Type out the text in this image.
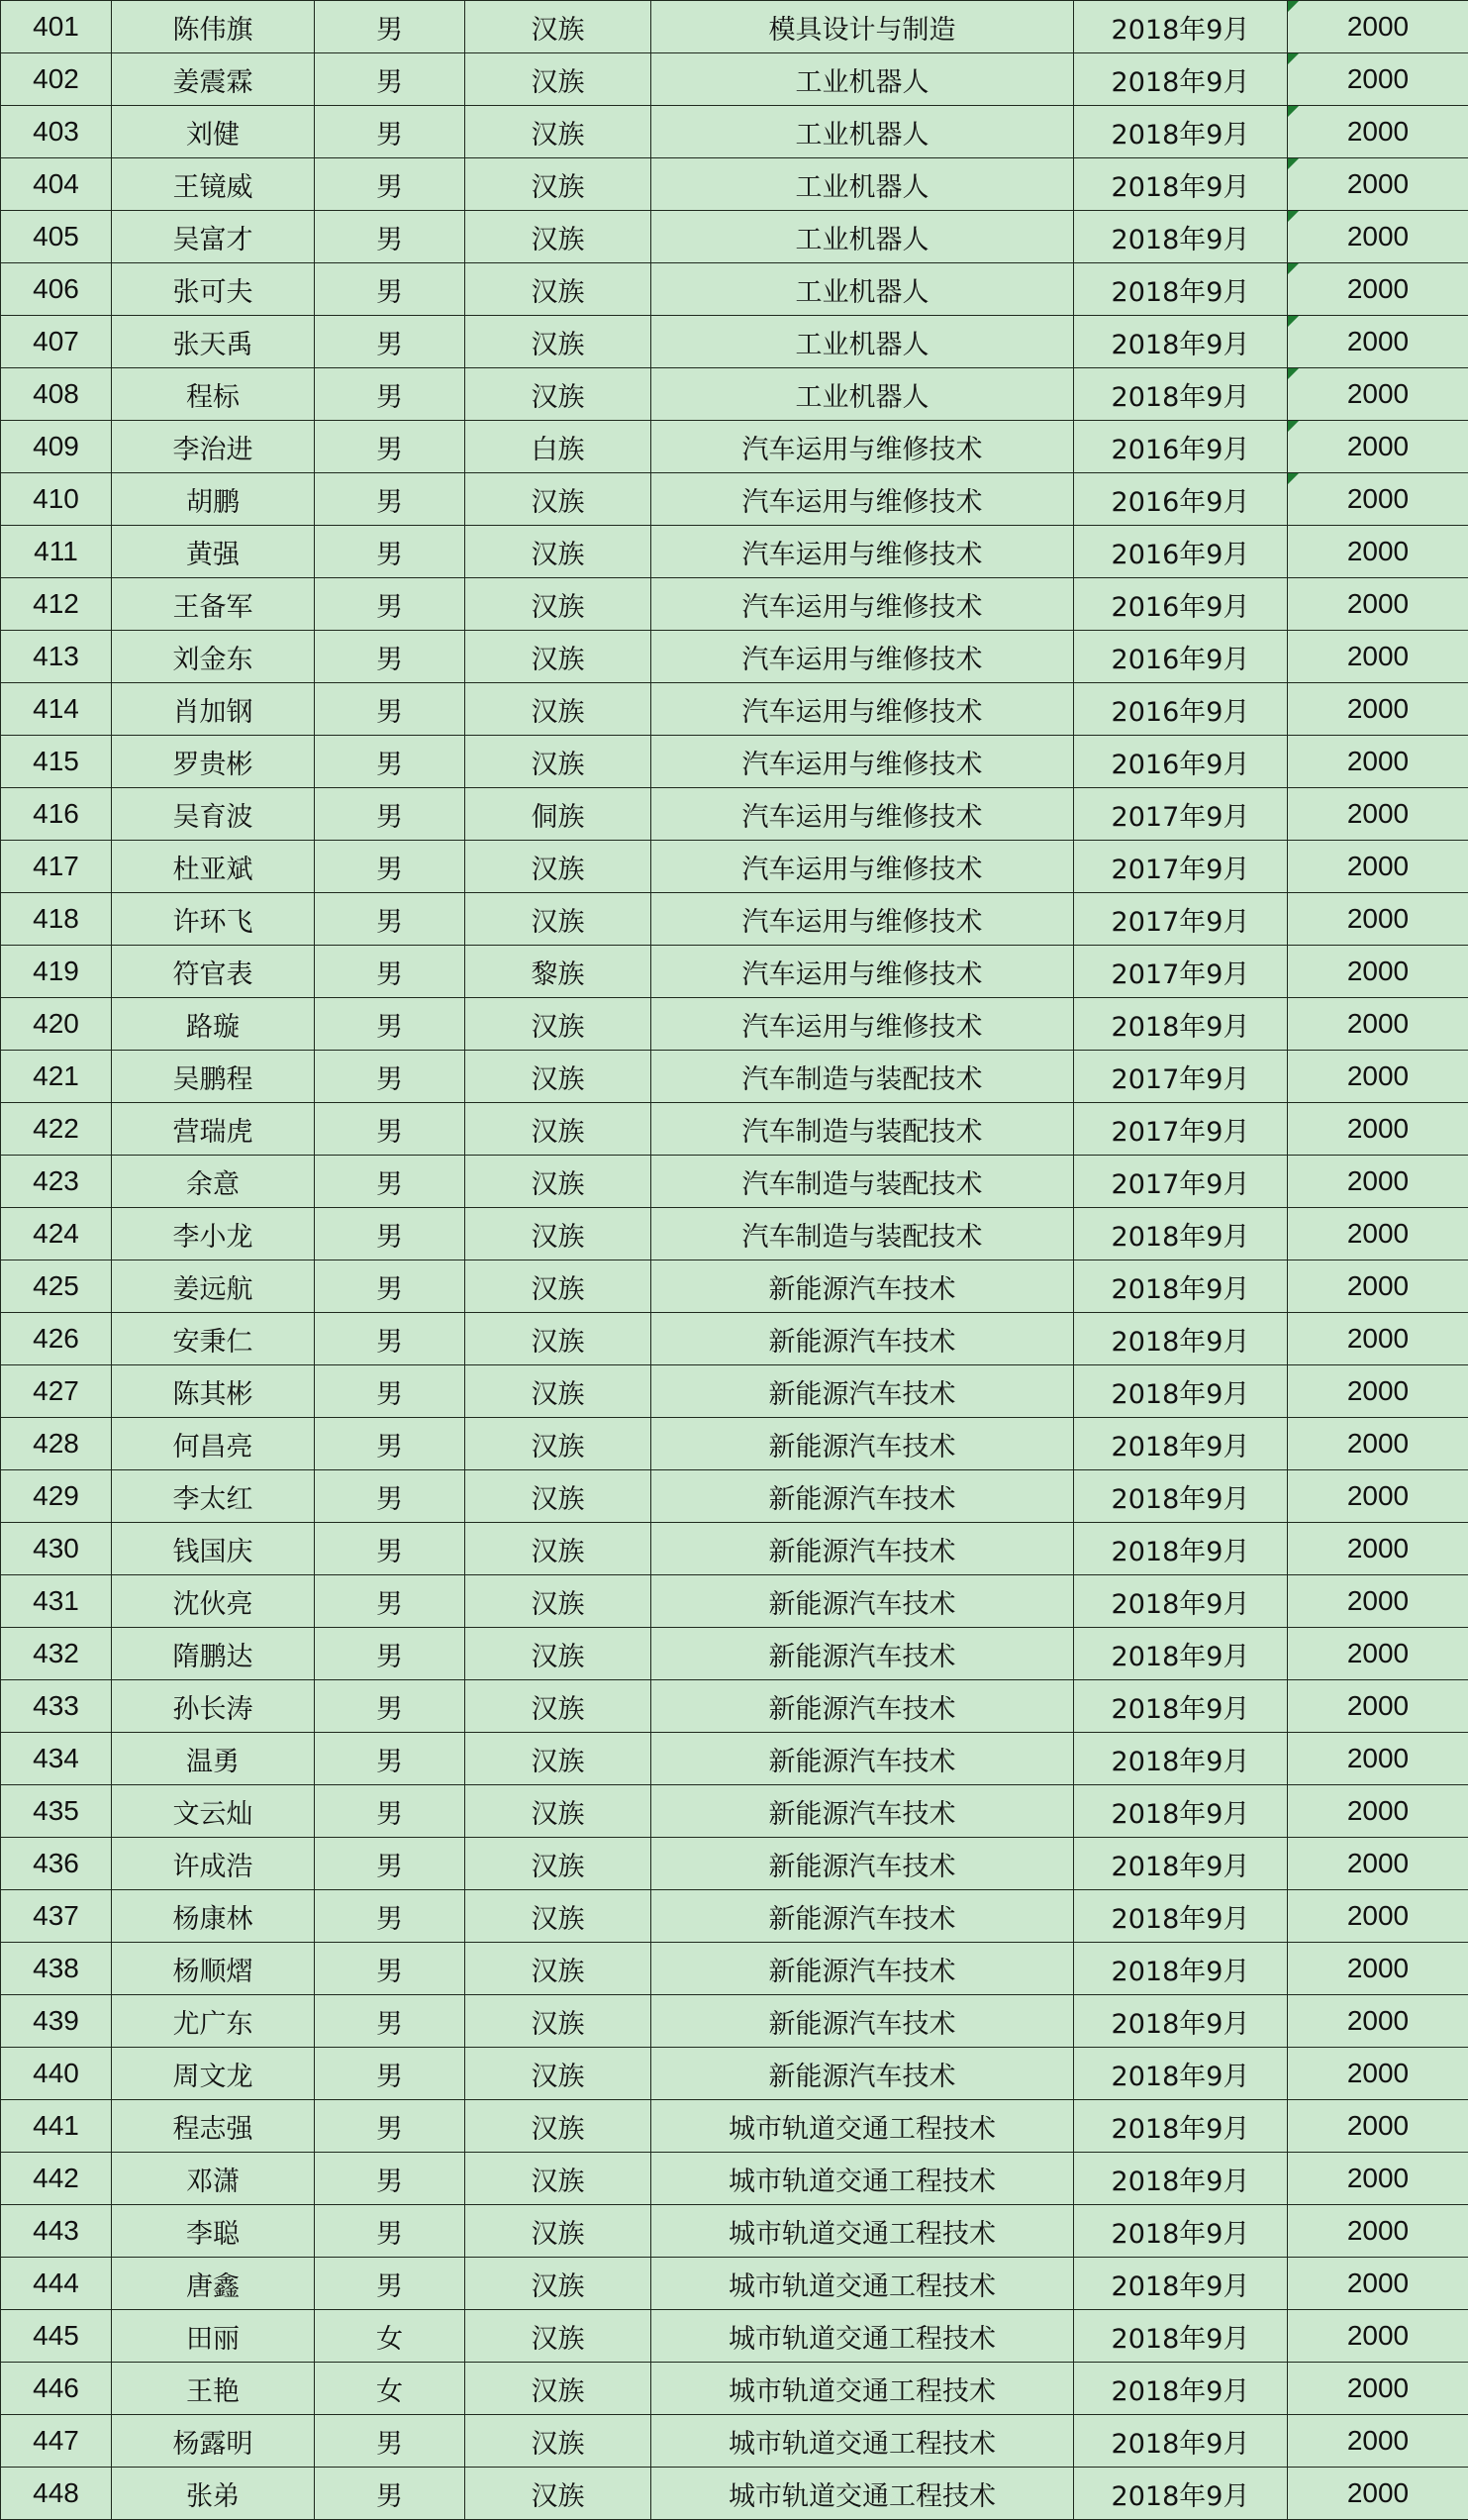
401	陈伟旗	男	汉族	模具设计与制造	2018年9月	2000
402	姜震霖	男	汉族	工业机器人	2018年9月	2000
403	刘健	男	汉族	工业机器人	2018年9月	2000
404	王镜威	男	汉族	工业机器人	2018年9月	2000
405	吴富才	男	汉族	工业机器人	2018年9月	2000
406	张可夫	男	汉族	工业机器人	2018年9月	2000
407	张天禹	男	汉族	工业机器人	2018年9月	2000
408	程标	男	汉族	工业机器人	2018年9月	2000
409	李治进	男	白族	汽车运用与维修技术	2016年9月	2000
410	胡鹏	男	汉族	汽车运用与维修技术	2016年9月	2000
411	黄强	男	汉族	汽车运用与维修技术	2016年9月	2000
412	王备军	男	汉族	汽车运用与维修技术	2016年9月	2000
413	刘金东	男	汉族	汽车运用与维修技术	2016年9月	2000
414	肖加钢	男	汉族	汽车运用与维修技术	2016年9月	2000
415	罗贵彬	男	汉族	汽车运用与维修技术	2016年9月	2000
416	吴育波	男	侗族	汽车运用与维修技术	2017年9月	2000
417	杜亚斌	男	汉族	汽车运用与维修技术	2017年9月	2000
418	许环飞	男	汉族	汽车运用与维修技术	2017年9月	2000
419	符官表	男	黎族	汽车运用与维修技术	2017年9月	2000
420	路璇	男	汉族	汽车运用与维修技术	2018年9月	2000
421	吴鹏程	男	汉族	汽车制造与装配技术	2017年9月	2000
422	营瑞虎	男	汉族	汽车制造与装配技术	2017年9月	2000
423	余意	男	汉族	汽车制造与装配技术	2017年9月	2000
424	李小龙	男	汉族	汽车制造与装配技术	2018年9月	2000
425	姜远航	男	汉族	新能源汽车技术	2018年9月	2000
426	安秉仁	男	汉族	新能源汽车技术	2018年9月	2000
427	陈其彬	男	汉族	新能源汽车技术	2018年9月	2000
428	何昌亮	男	汉族	新能源汽车技术	2018年9月	2000
429	李太红	男	汉族	新能源汽车技术	2018年9月	2000
430	钱国庆	男	汉族	新能源汽车技术	2018年9月	2000
431	沈伙亮	男	汉族	新能源汽车技术	2018年9月	2000
432	隋鹏达	男	汉族	新能源汽车技术	2018年9月	2000
433	孙长涛	男	汉族	新能源汽车技术	2018年9月	2000
434	温勇	男	汉族	新能源汽车技术	2018年9月	2000
435	文云灿	男	汉族	新能源汽车技术	2018年9月	2000
436	许成浩	男	汉族	新能源汽车技术	2018年9月	2000
437	杨康林	男	汉族	新能源汽车技术	2018年9月	2000
438	杨顺熠	男	汉族	新能源汽车技术	2018年9月	2000
439	尤广东	男	汉族	新能源汽车技术	2018年9月	2000
440	周文龙	男	汉族	新能源汽车技术	2018年9月	2000
441	程志强	男	汉族	城市轨道交通工程技术	2018年9月	2000
442	邓潇	男	汉族	城市轨道交通工程技术	2018年9月	2000
443	李聪	男	汉族	城市轨道交通工程技术	2018年9月	2000
444	唐鑫	男	汉族	城市轨道交通工程技术	2018年9月	2000
445	田丽	女	汉族	城市轨道交通工程技术	2018年9月	2000
446	王艳	女	汉族	城市轨道交通工程技术	2018年9月	2000
447	杨露明	男	汉族	城市轨道交通工程技术	2018年9月	2000
448	张弟	男	汉族	城市轨道交通工程技术	2018年9月	2000
